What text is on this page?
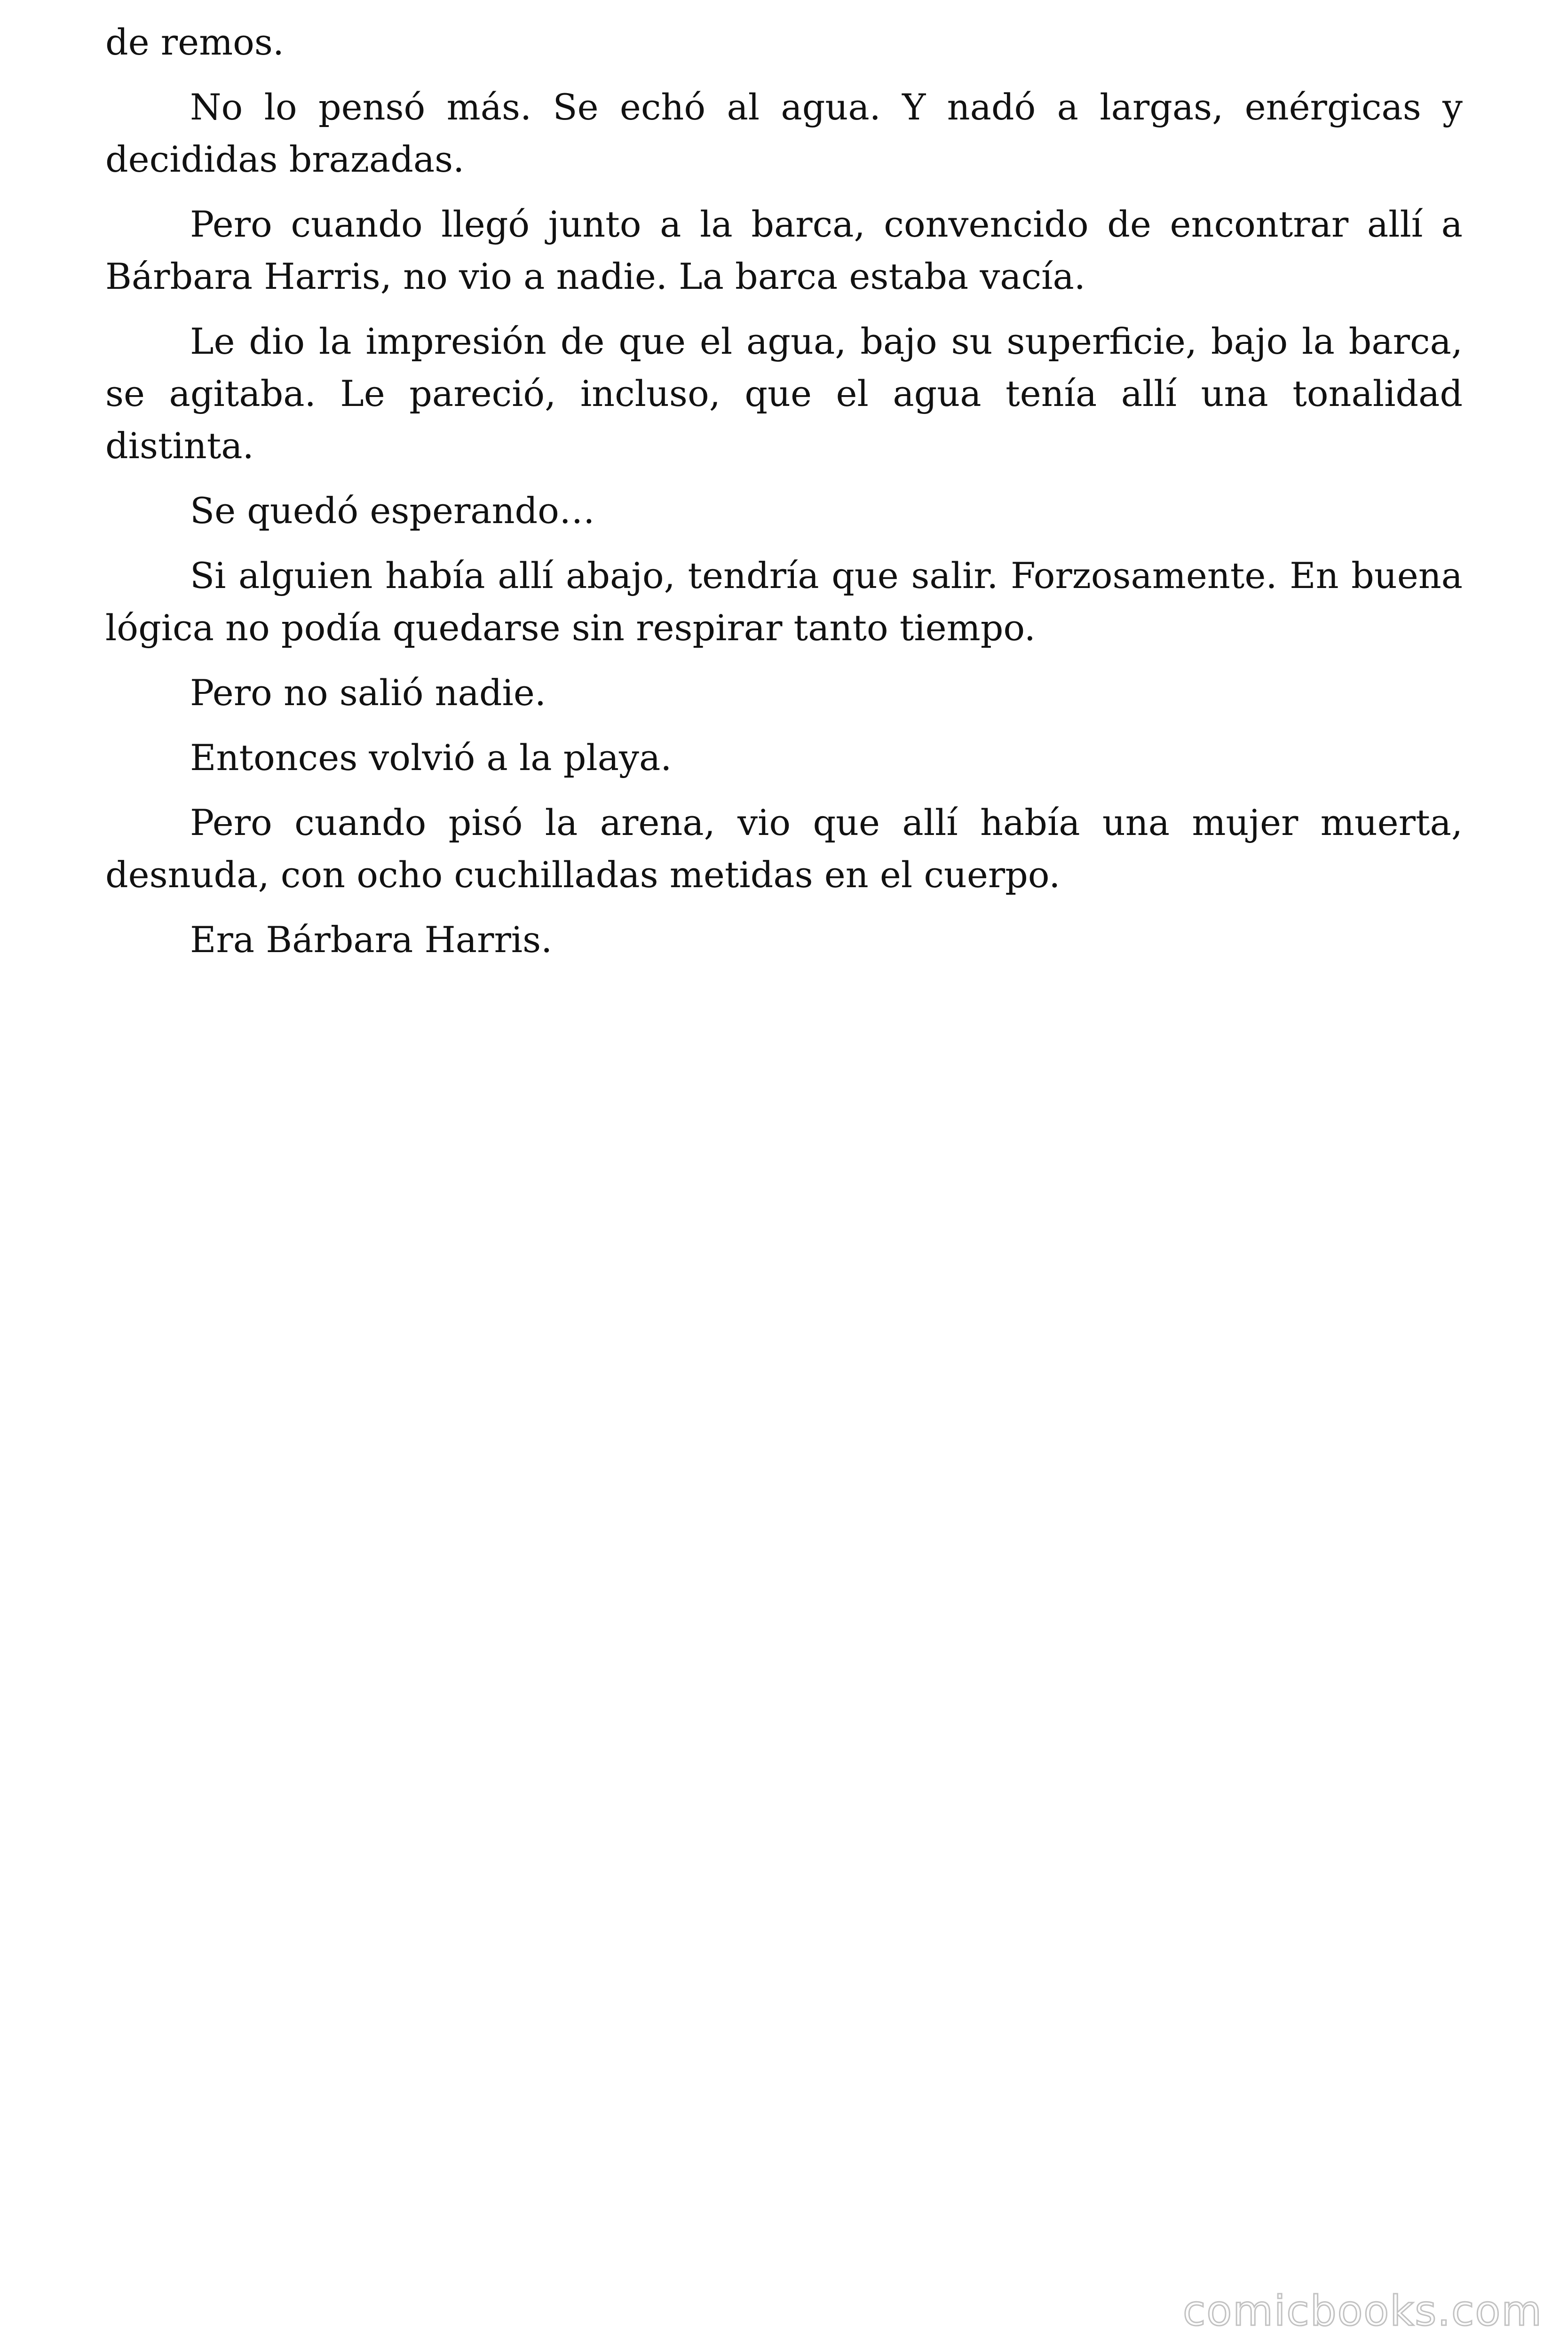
de remos.

No lo pensó más. Se echó al agua. Y nadó a largas, enérgicas y decididas brazadas.

Pero cuando llegó junto a la barca, convencido de encontrar allí a Bárbara Harris, no vio a nadie. La barca estaba vacía.

Le dio la impresión de que el agua, bajo su superficie, bajo la barca, se agitaba. Le pareció, incluso, que el agua tenía allí una tonalidad distinta.

Se quedó esperando…

Si alguien había allí abajo, tendría que salir. Forzosamente. En buena lógica no podía quedarse sin respirar tanto tiempo.

Pero no salió nadie.

Entonces volvió a la playa.

Pero cuando pisó la arena, vio que allí había una mujer muerta, desnuda, con ocho cuchilladas metidas en el cuerpo.

Era Bárbara Harris.

comicbooks.com
